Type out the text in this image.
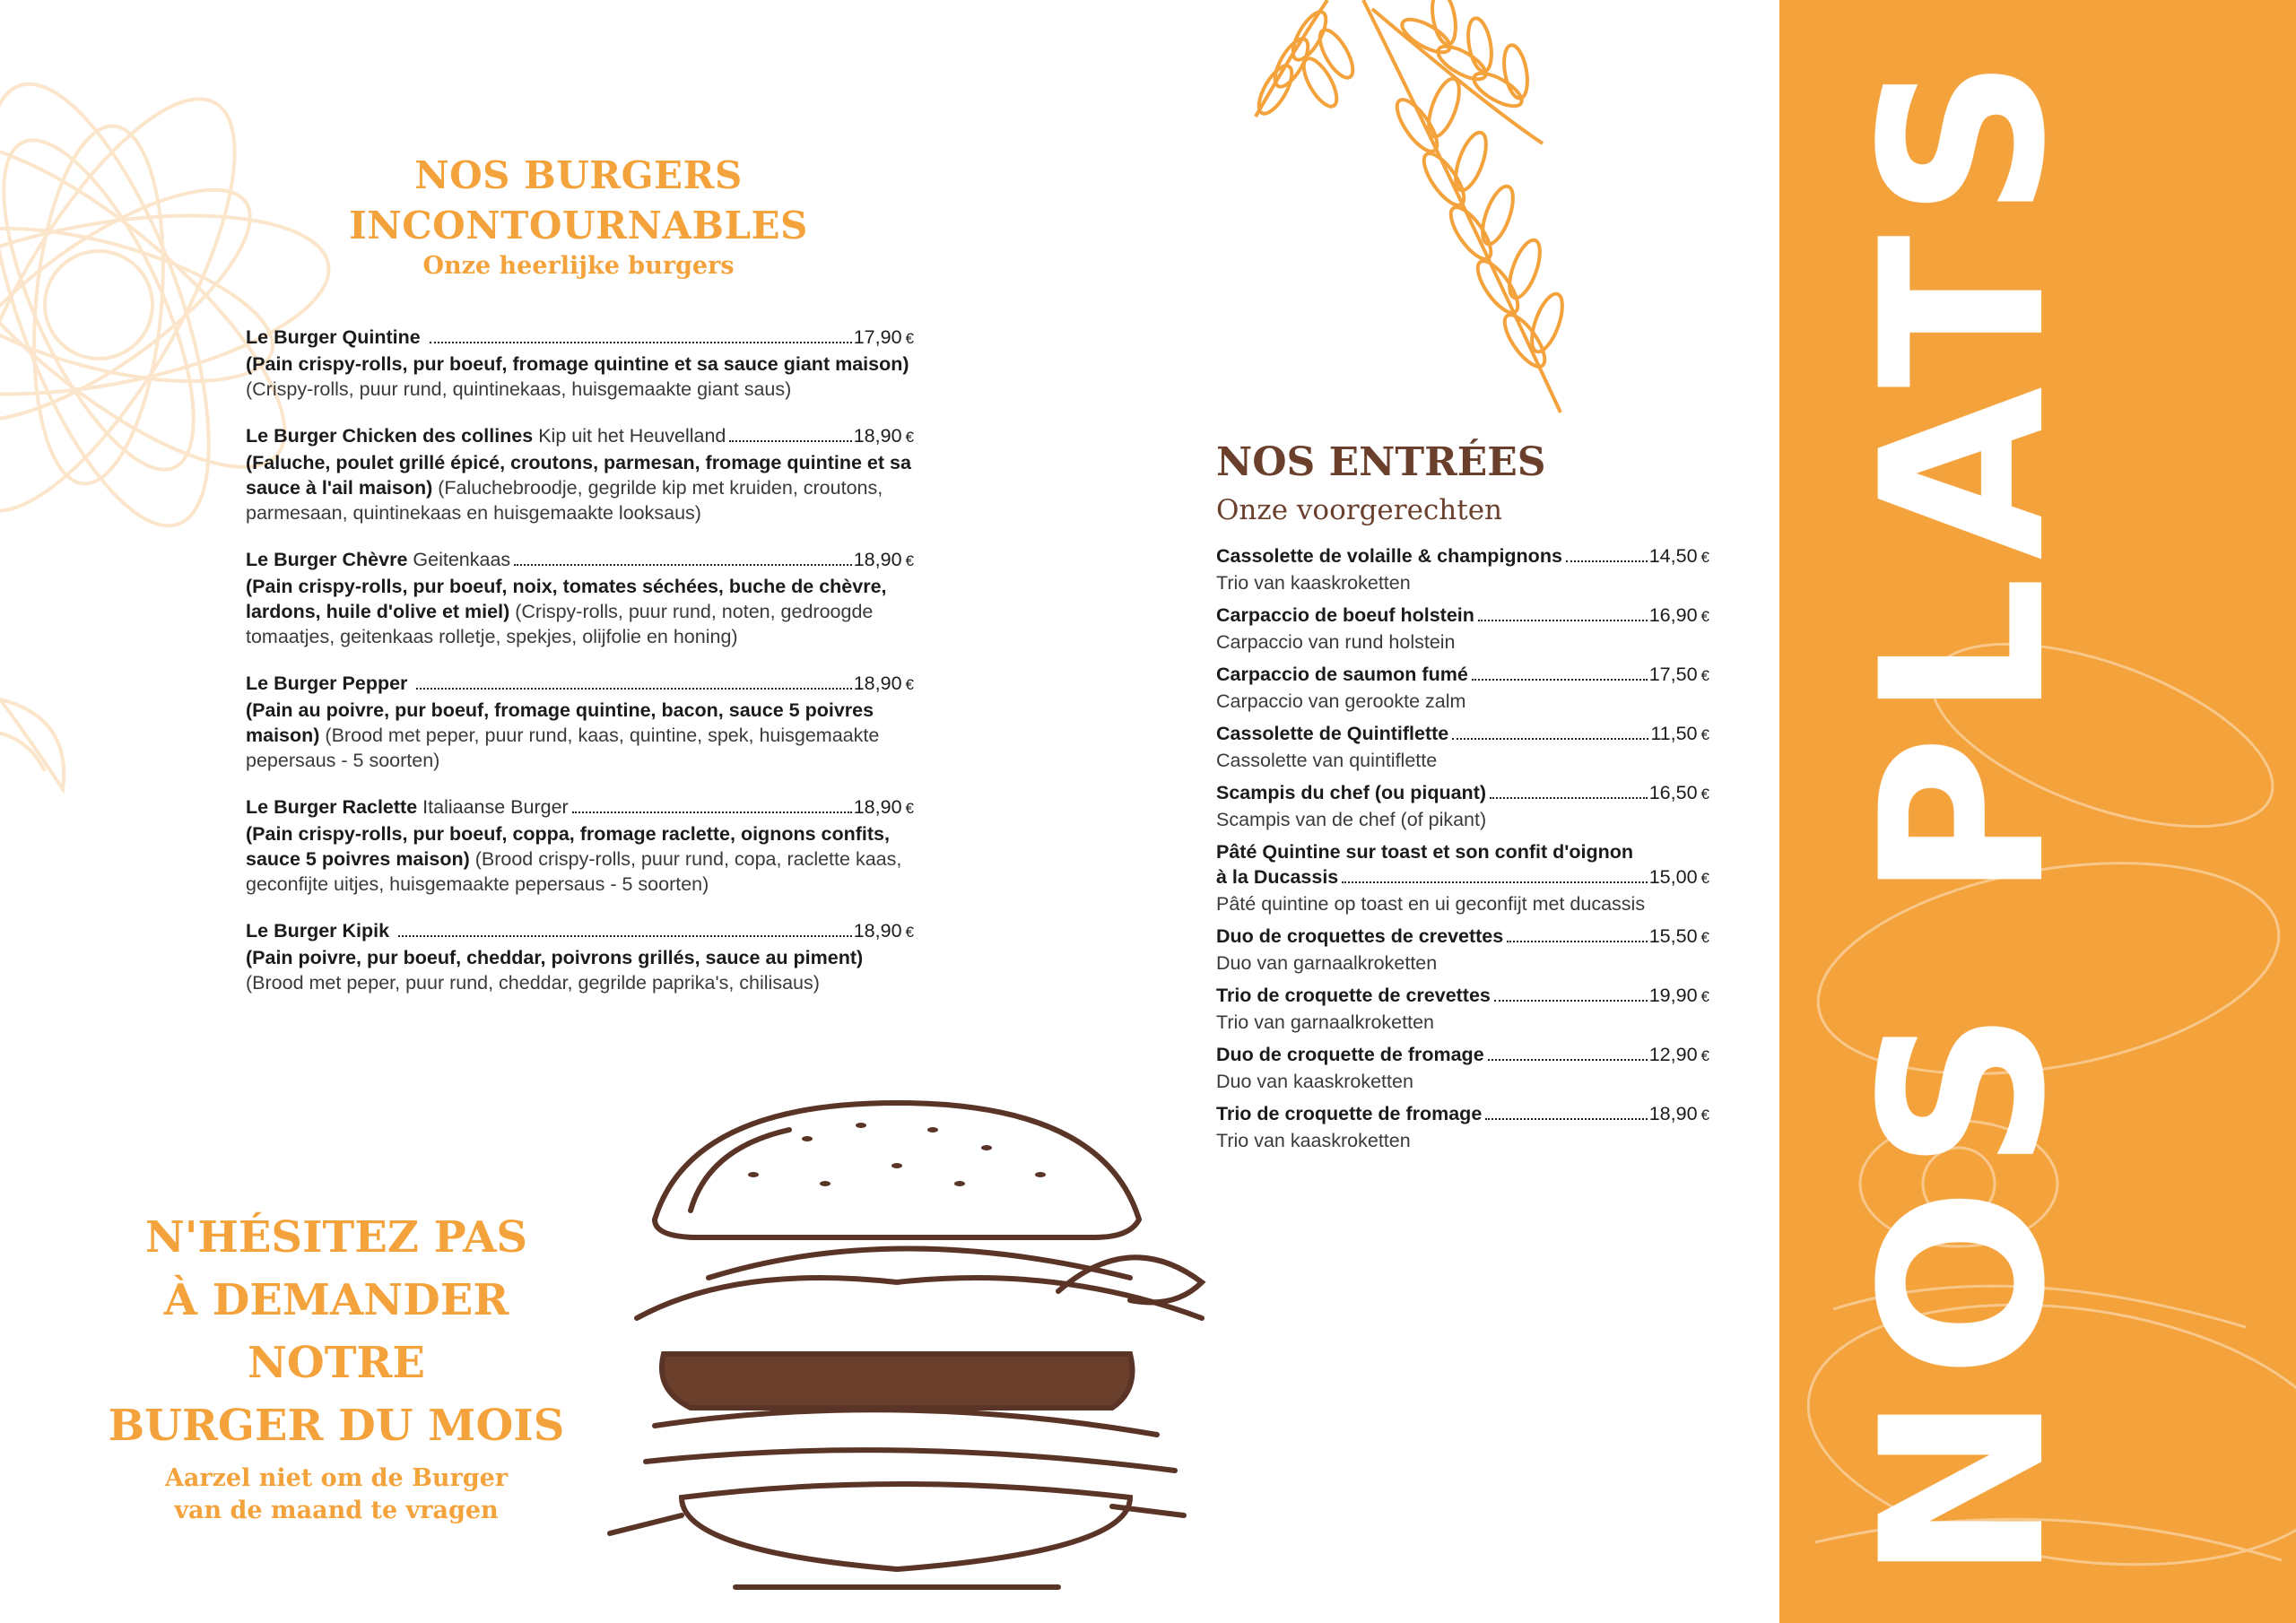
NOS BURGERS
INCONTOURNABLES
Onze heerlijke burgers
Le Burger Quintine	17,90 €
(Pain crispy-rolls, pur boeuf, fromage quintine et sa sauce giant maison) (Crispy-rolls, puur rund, quintinekaas, huisgemaakte giant saus)
Le Burger Chicken des collines Kip uit het Heuvelland	18,90 €
(Faluche, poulet grillé épicé, croutons, parmesan, fromage quintine et sa sauce à l'ail maison) (Faluchebroodje, gegrilde kip met kruiden, croutons, parmesaan, quintinekaas en huisgemaakte looksaus)
Le Burger Chèvre Geitenkaas	18,90 €
(Pain crispy-rolls, pur boeuf, noix, tomates séchées, buche de chèvre, lardons, huile d'olive et miel) (Crispy-rolls, puur rund, noten, gedroogde tomaatjes, geitenkaas rolletje, spekjes, olijfolie en honing)
Le Burger Pepper	18,90 €
(Pain au poivre, pur boeuf, fromage quintine, bacon, sauce 5 poivres maison) (Brood met peper, puur rund, kaas, quintine, spek, huisgemaakte pepersaus - 5 soorten)
Le Burger Raclette Italiaanse Burger	18,90 €
(Pain crispy-rolls, pur boeuf, coppa, fromage raclette, oignons confits, sauce 5 poivres maison) (Brood crispy-rolls, puur rund, copa, raclette kaas, geconfijte uitjes, huisgemaakte pepersaus - 5 soorten)
Le Burger Kipik	18,90 €
(Pain poivre, pur boeuf, cheddar, poivrons grillés, sauce au piment) (Brood met peper, puur rund, cheddar, gegrilde paprika's, chilisaus)
NOS ENTRÉES
Onze voorgerechten
Cassolette de volaille & champignons	14,50 €
Trio van kaaskroketten
Carpaccio de boeuf holstein	16,90 €
Carpaccio van rund holstein
Carpaccio de saumon fumé	17,50 €
Carpaccio van gerookte zalm
Cassolette de Quintiflette	11,50 €
Cassolette van quintiflette
Scampis du chef (ou piquant)	16,50 €
Scampis van de chef (of pikant)
Pâté Quintine sur toast et son confit d'oignon
à la Ducassis	15,00 €
Pâté quintine op toast en ui geconfijt met ducassis
Duo de croquettes de crevettes	15,50 €
Duo van garnaalkroketten
Trio de croquette de crevettes	19,90 €
Trio van garnaalkroketten
Duo de croquette de fromage	12,90 €
Duo van kaaskroketten
Trio de croquette de fromage	18,90 €
Trio van kaaskroketten
N'HÉSITEZ PAS
À DEMANDER
NOTRE
BURGER DU MOIS
Aarzel niet om de Burger
van de maand te vragen	NOS PLATS
